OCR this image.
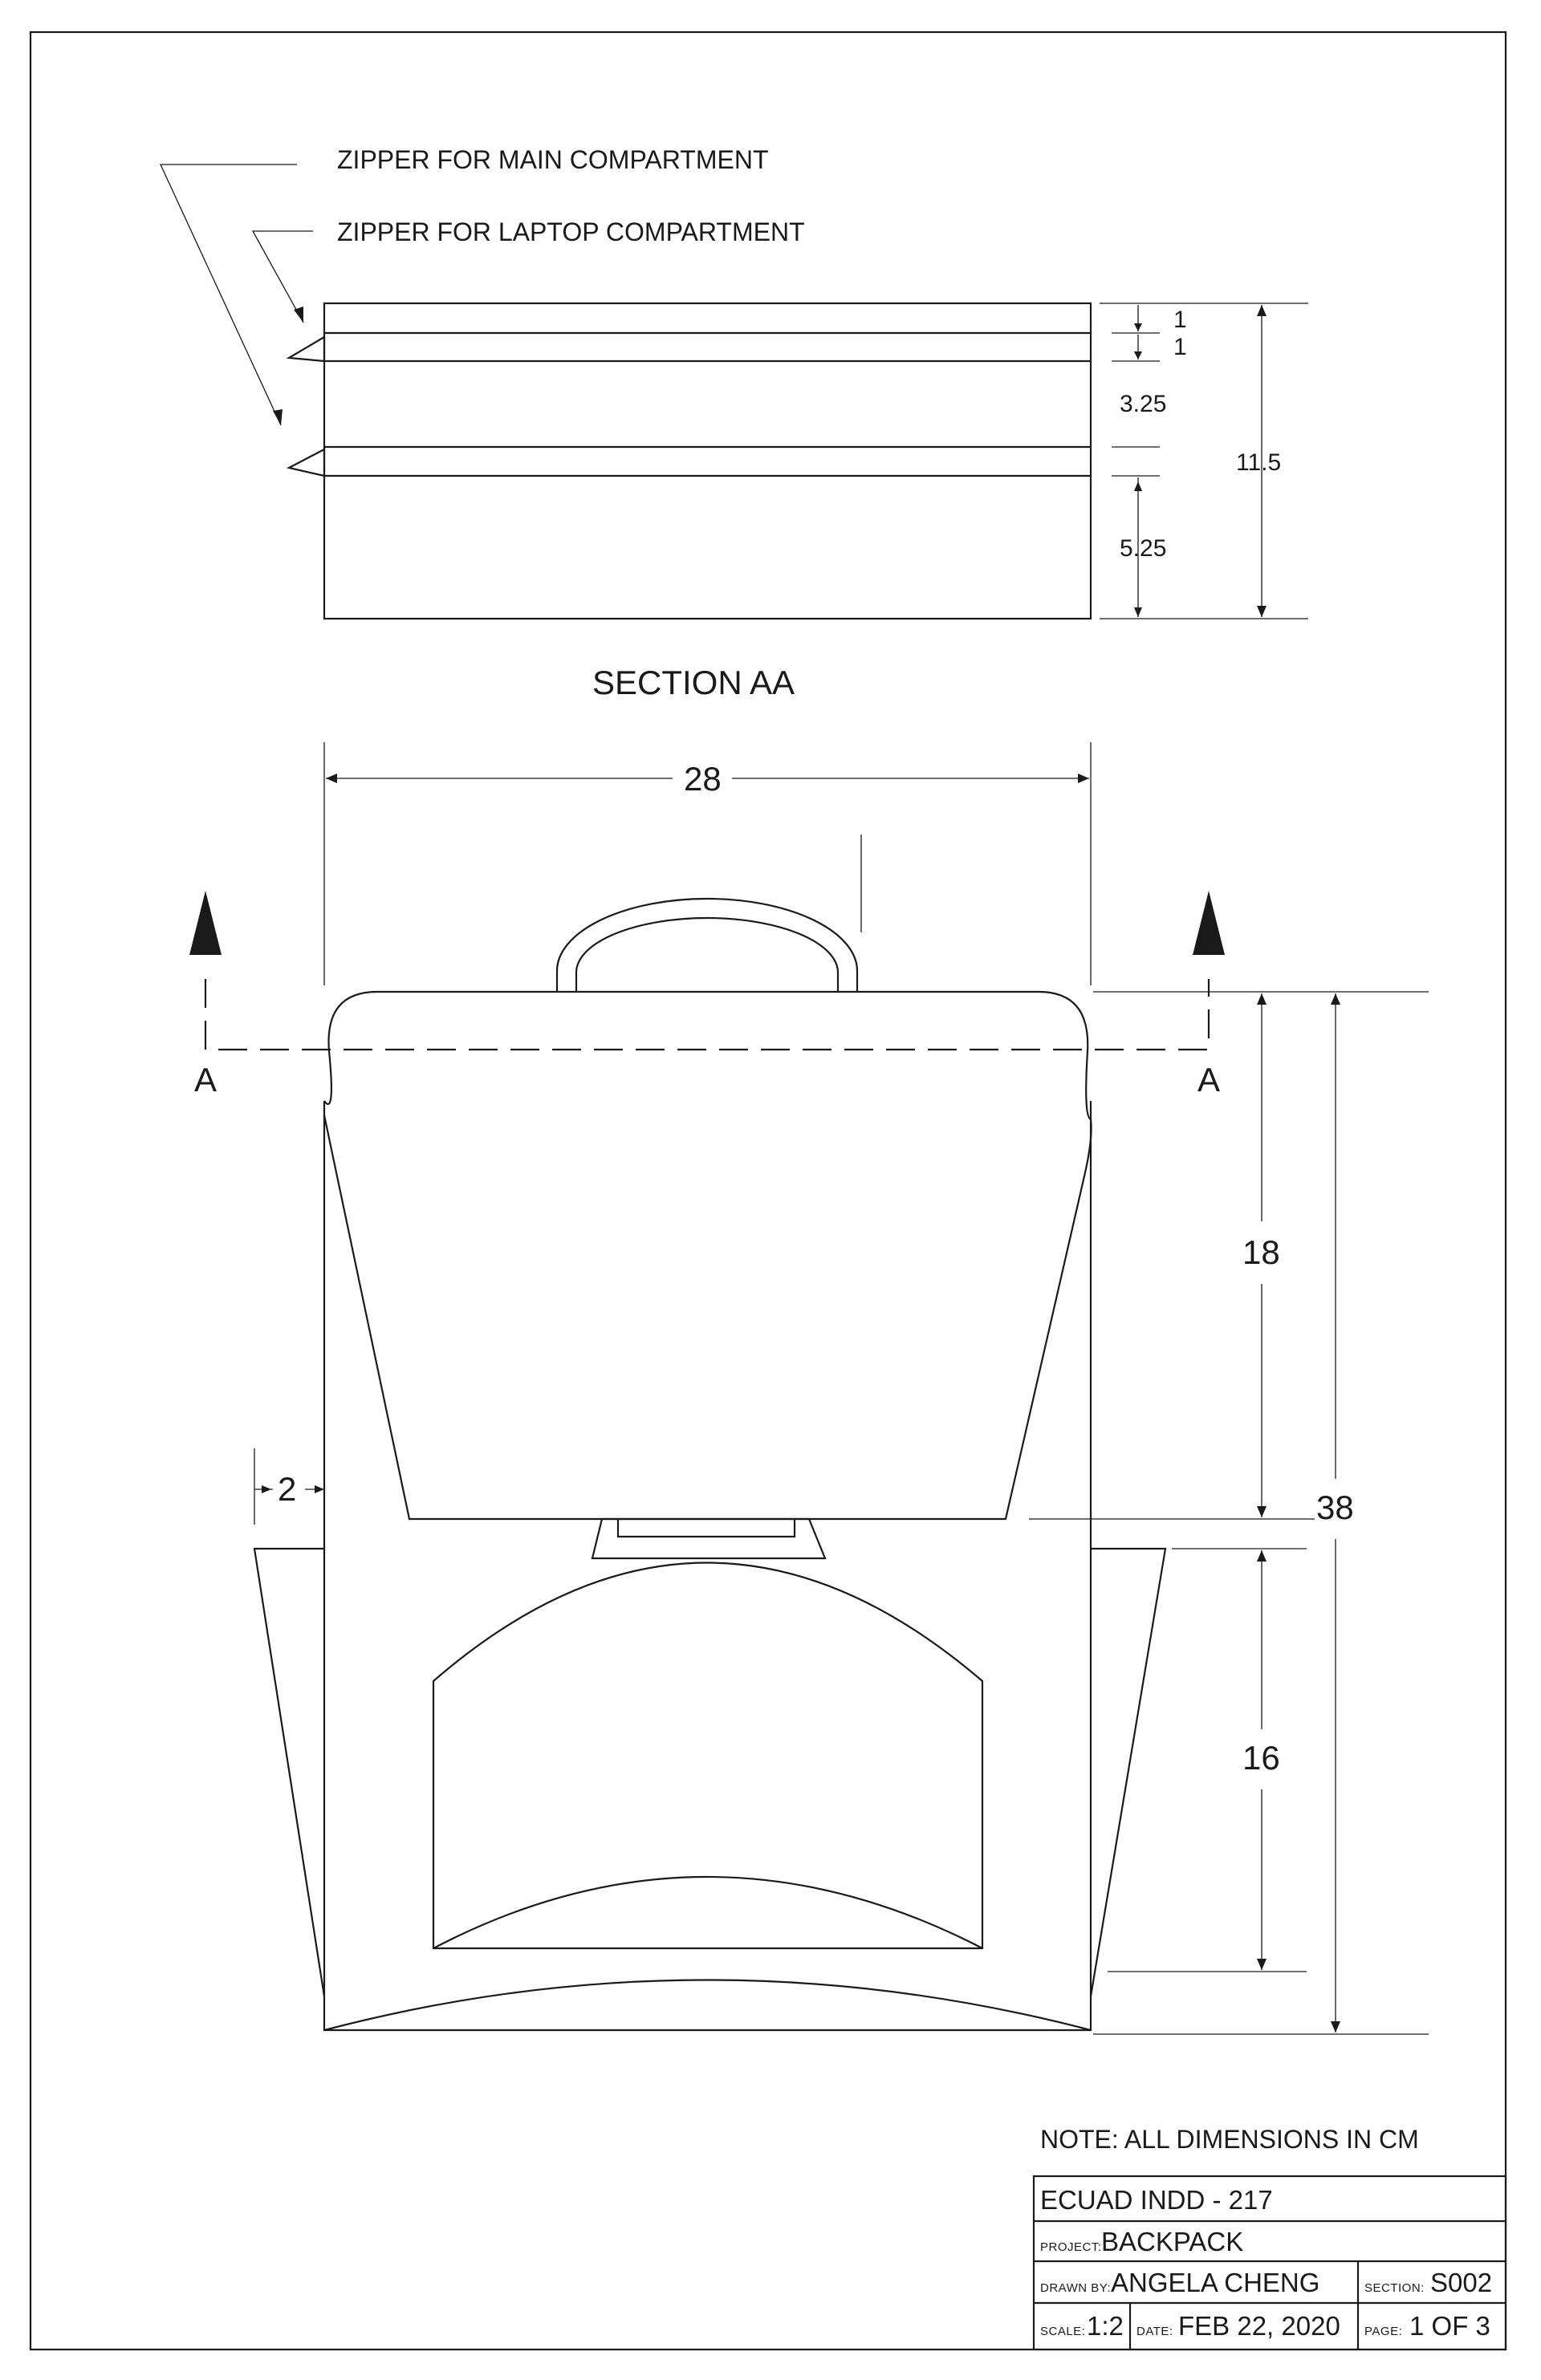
ZIPPER FOR MAIN COMPARTMENT
ZIPPER FOR LAPTOP COMPARTMENT
1
1
3.25
5.25
11.5
SECTION AA
28
A	A
2
18
16
38
NOTE: ALL DIMENSIONS IN CM
ECUAD INDD - 217
PROJECT: BACKPACK
DRAWN BY: ANGELA CHENG	SECTION: S002
SCALE: 1:2 DATE: FEB 22, 2020 PAGE: 1 OF 3
